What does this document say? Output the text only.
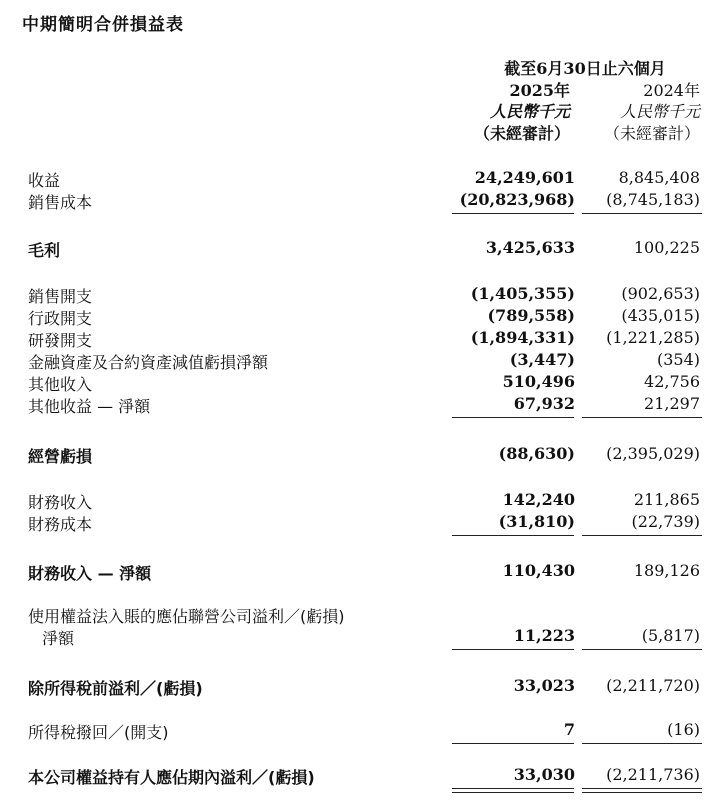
中期簡明合併損益表
截至6月30日止六個月
2025年
人民幣千元
（未經審計）
2024年
人民幣千元
（未經審計）
收益	24,249,601	8,845,408
銷售成本	(20,823,968)	(8,745,183)
毛利	3,425,633	100,225
銷售開支	(1,405,355)	(902,653)
行政開支	(789,558)	(435,015)
研發開支	(1,894,331)	(1,221,285)
金融資產及合約資產減值虧損淨額	(3,447)	(354)
其他收入	510,496	42,756
其他收益 — 淨額	67,932	21,297
經營虧損	(88,630)	(2,395,029)
財務收入	142,240	211,865
財務成本	(31,810)	(22,739)
財務收入 — 淨額	110,430	189,126
使用權益法入賬的應佔聯營公司溢利／(虧損)
淨額	11,223	(5,817)
除所得稅前溢利／(虧損)	33,023	(2,211,720)
所得稅撥回／(開支)	7	(16)
本公司權益持有人應佔期內溢利／(虧損)	33,030	(2,211,736)
